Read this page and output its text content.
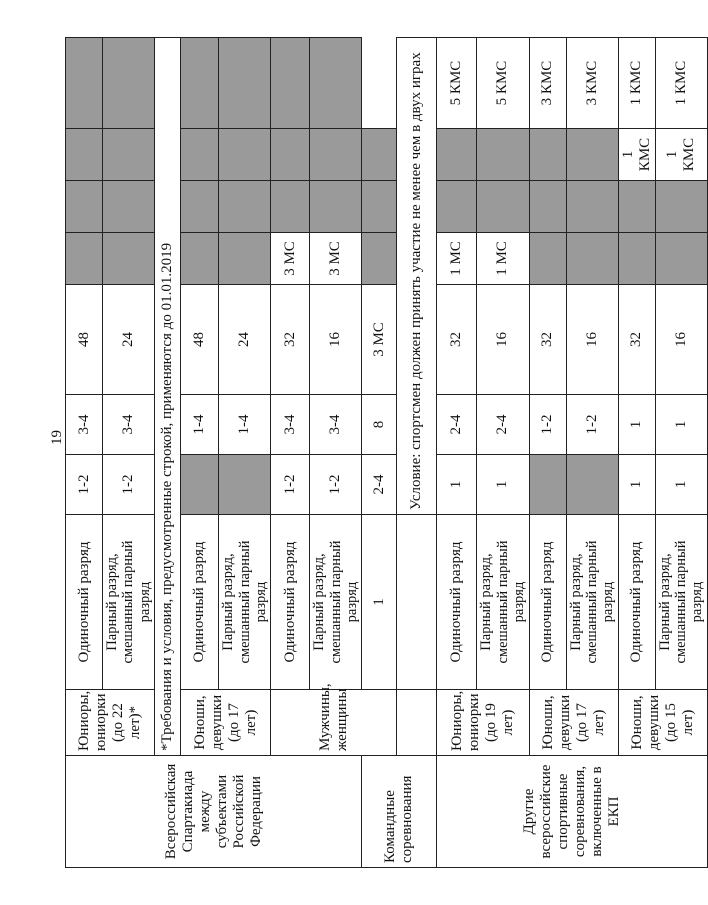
19
Всероссийская Спартакиада между субъектами Российской Федерации	Юниоры, юниорки (до 22 лет)*	Одиночный разряд	1-2	3-4	48				
		Парный разряд, смешанный парный разряд	1-2	3-4	24				
	*Требования и условия, предусмотренные строкой, применяются до 01.01.2019								
	Юноши, девушки (до 17 лет)	Одиночный разряд		1-4	48				
		Парный разряд, смешанный парный разряд		1-4	24				
	Мужчины, женщины	Одиночный разряд	1-2	3-4	32	3 МС			
		Парный разряд, смешанный парный разряд	1-2	3-4	16	3 МС			
Командные соревнования		1	2-4	8	3 МС				
			Условие: спортсмен должен принять участие не менее чем в двух играх						
Другие всероссийские спортивные соревнования, включенные в ЕКП	Юниоры, юниорки (до 19 лет)	Одиночный разряд	1	2-4	32	1 МС			5 КМС
		Парный разряд, смешанный парный разряд	1	2-4	16	1 МС			5 КМС
	Юноши, девушки (до 17 лет)	Одиночный разряд		1-2	32				3 КМС
		Парный разряд, смешанный парный разряд		1-2	16				3 КМС
	Юноши, девушки (до 15 лет)	Одиночный разряд	1	1	32			1 КМС	1 КМС
		Парный разряд, смешанный парный разряд	1	1	16			1 КМС	1 КМС
